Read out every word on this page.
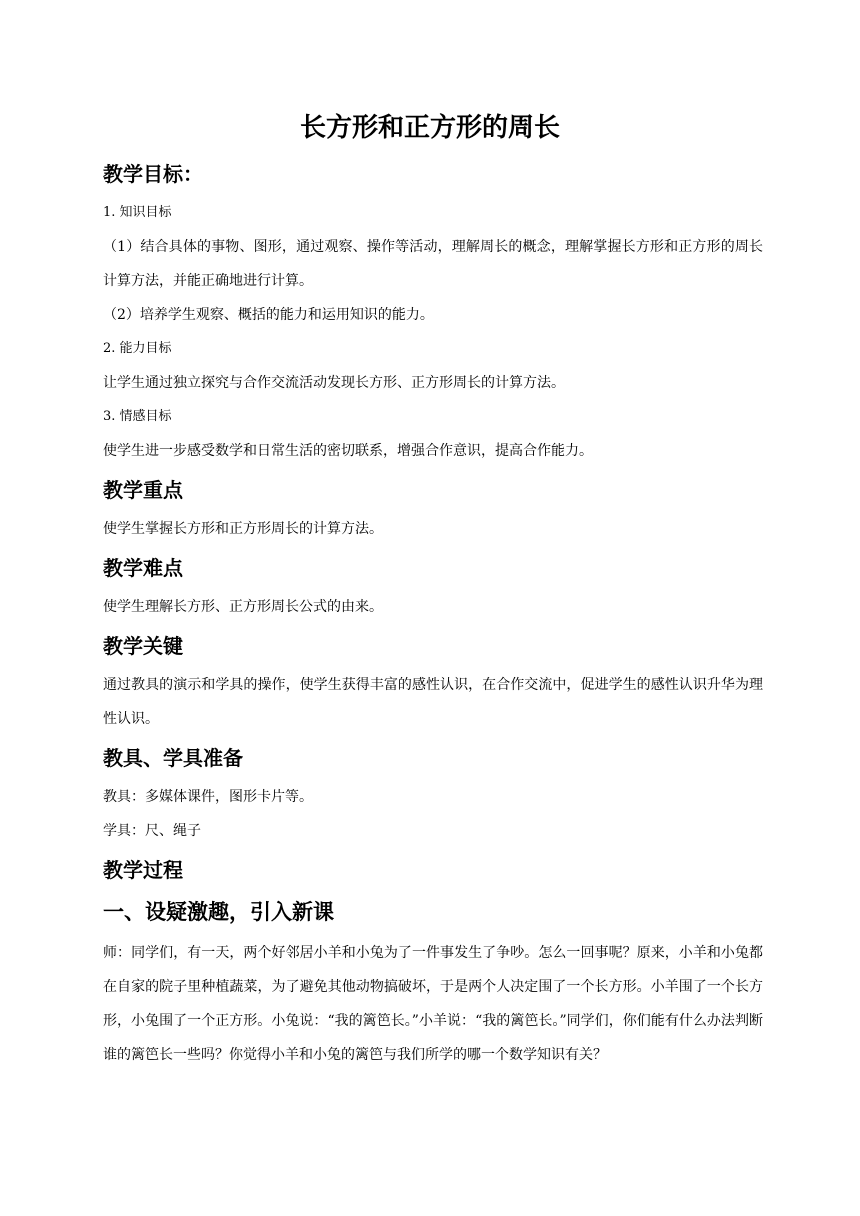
长方形和正方形的周长
教学目标：
1. 知识目标
（1）结合具体的事物、图形，通过观察、操作等活动，理解周长的概念，理解掌握长方形和正方形的周长计算方法，并能正确地进行计算。
（2）培养学生观察、概括的能力和运用知识的能力。
2. 能力目标
让学生通过独立探究与合作交流活动发现长方形、正方形周长的计算方法。
3. 情感目标
使学生进一步感受数学和日常生活的密切联系，增强合作意识，提高合作能力。
教学重点
使学生掌握长方形和正方形周长的计算方法。
教学难点
使学生理解长方形、正方形周长公式的由来。
教学关键
通过教具的演示和学具的操作，使学生获得丰富的感性认识，在合作交流中，促进学生的感性认识升华为理性认识。
教具、学具准备
教具：多媒体课件，图形卡片等。
学具：尺、绳子
教学过程
一、设疑激趣，引入新课
师：同学们，有一天，两个好邻居小羊和小兔为了一件事发生了争吵。怎么一回事呢？原来，小羊和小兔都在自家的院子里种植蔬菜，为了避免其他动物搞破坏，于是两个人决定围了一个长方形。小羊围了一个长方形，小兔围了一个正方形。小兔说：“我的篱笆长。”小羊说：“我的篱笆长。”同学们，你们能有什么办法判断谁的篱笆长一些吗？你觉得小羊和小兔的篱笆与我们所学的哪一个数学知识有关？
